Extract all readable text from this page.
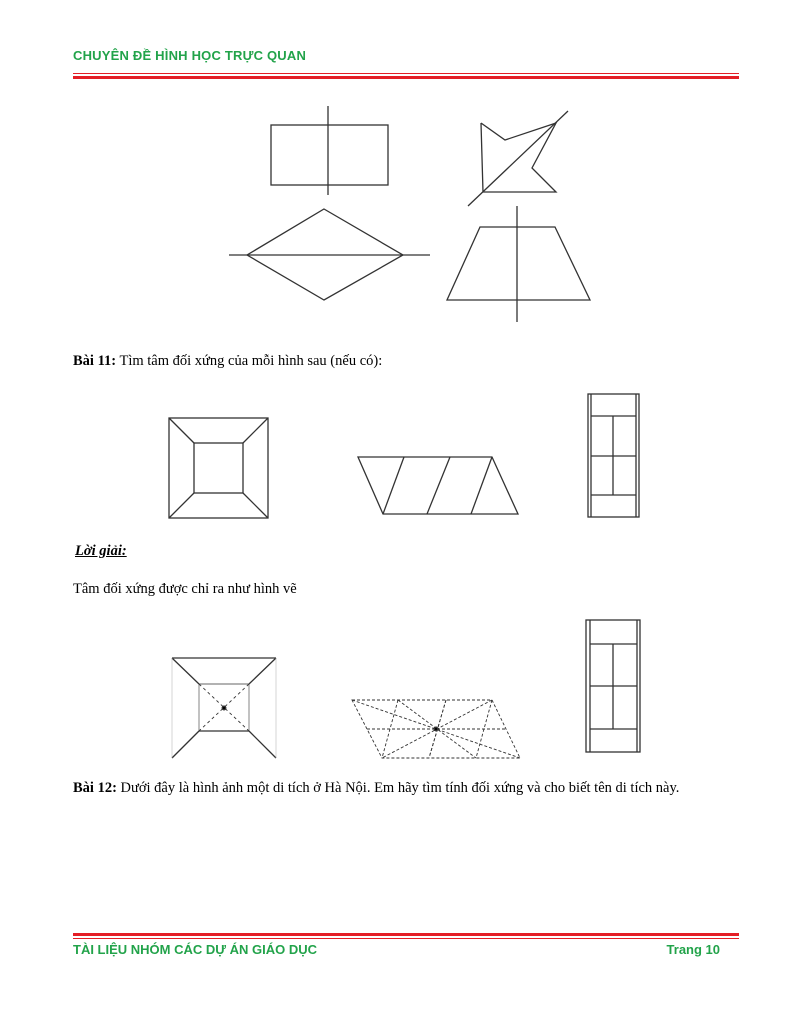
CHUYÊN ĐỀ HÌNH HỌC TRỰC QUAN
Bài 11: Tìm tâm đối xứng của mỗi hình sau (nếu có):
Lời giải:
Tâm đối xứng được chỉ ra như hình vẽ
Bài 12: Dưới đây là hình ảnh một di tích ở Hà Nội. Em hãy tìm tính đối xứng và cho biết tên di tích này.
TÀI LIỆU NHÓM CÁC DỰ ÁN GIÁO DỤC	Trang 10
